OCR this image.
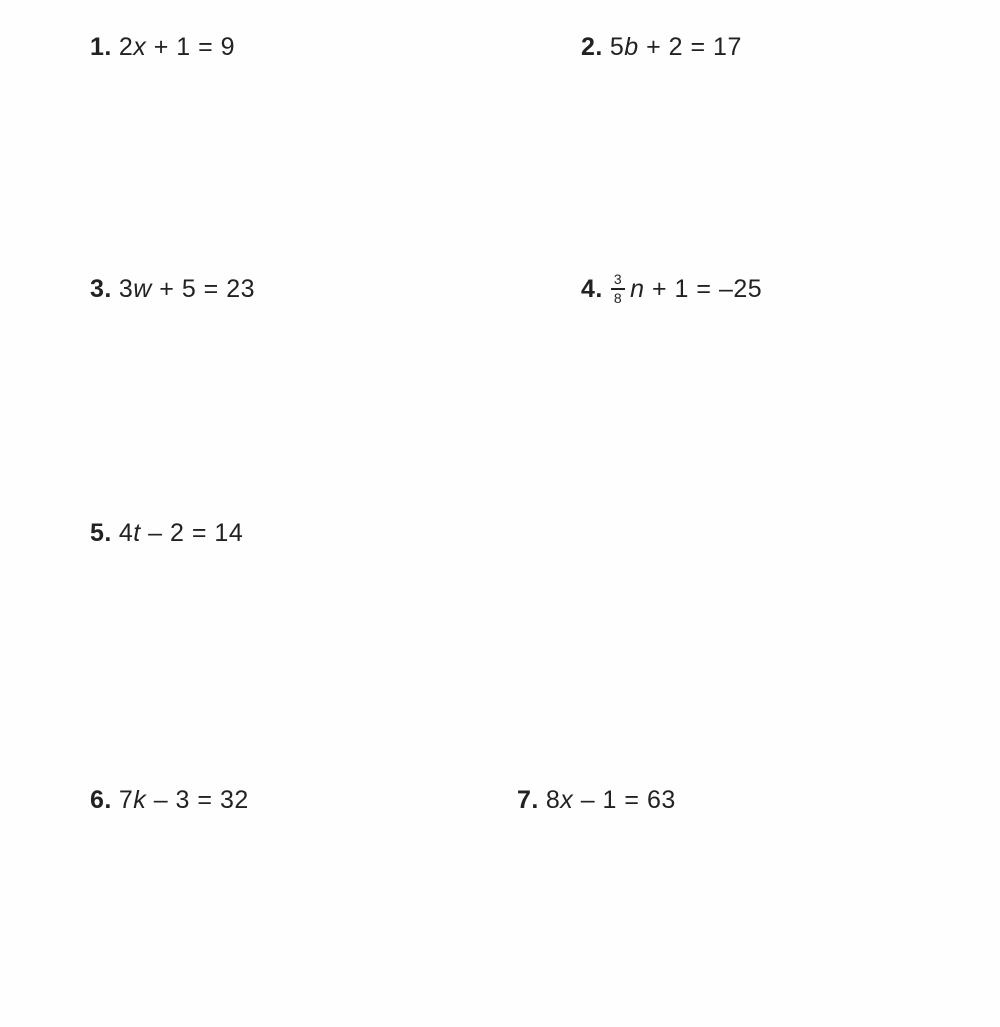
1. 2 x + 1 = 9	2. 5 b + 2 = 17
3. 3 w + 5 = 23	4. $\frac{3}{8}$ n + 1 = –25
5. 4 t – 2 = 14
6. 7 k – 3 = 32	7. 8 x – 1 = 63
